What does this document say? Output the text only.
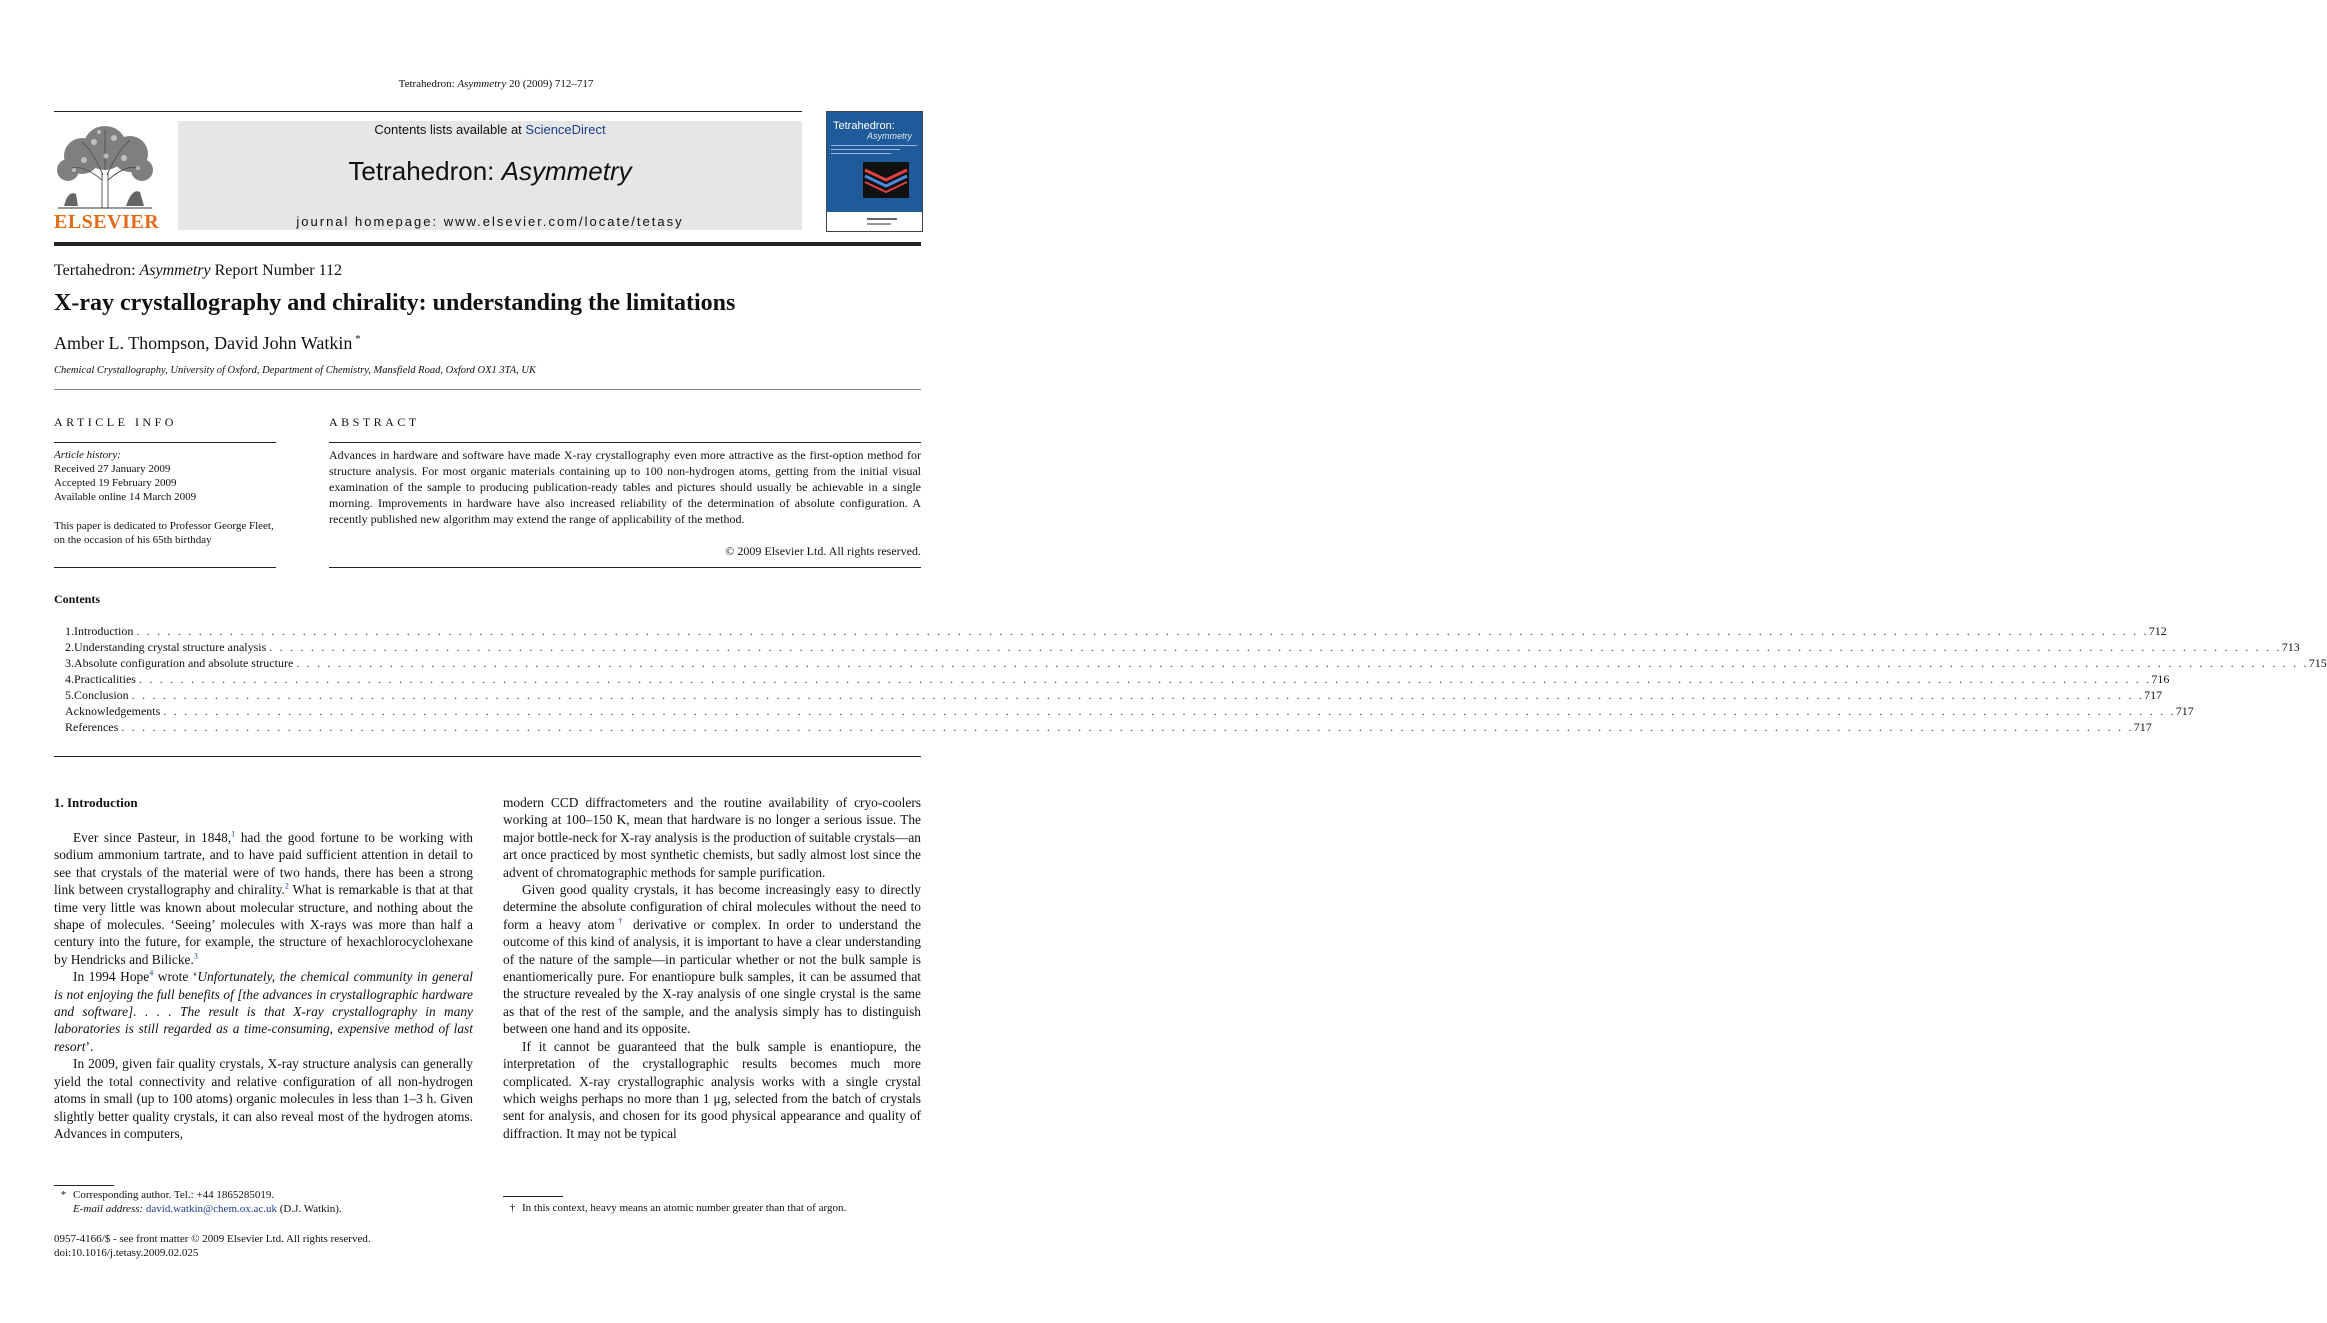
Tetrahedron: Asymmetry 20 (2009) 712–717
ELSEVIER
Contents lists available at ScienceDirect
Tetrahedron: Asymmetry
journal homepage: www.elsevier.com/locate/tetasy
Tetrahedron:
Asymmetry
Tertahedron: Asymmetry Report Number 112
X-ray crystallography and chirality: understanding the limitations
Amber L. Thompson, David John Watkin *
Chemical Crystallography, University of Oxford, Department of Chemistry, Mansfield Road, Oxford OX1 3TA, UK
ARTICLE INFO
Article history:
Received 27 January 2009
Accepted 19 February 2009
Available online 14 March 2009
This paper is dedicated to Professor George Fleet, on the occasion of his 65th birthday
ABSTRACT
Advances in hardware and software have made X-ray crystallography even more attractive as the first-option method for structure analysis. For most organic materials containing up to 100 non-hydrogen atoms, getting from the initial visual examination of the sample to producing publication-ready tables and pictures should usually be achievable in a single morning. Improvements in hardware have also increased reliability of the determination of absolute configuration. A recently published new algorithm may extend the range of applicability of the method.
© 2009 Elsevier Ltd. All rights reserved.
Contents
1. Introduction . . . . . . . . . . . . . . . . . . . . . . . . . . . . . . . . . . . . . . . . . . . . . . . . . . . . . . . . . . . . . . . . . . . . . . . . . . . . . . . . . . . . . . . . . . . . . . . . . . . . . . . . . . . . . . . . . . . . . . . . . . . . . . . . . . . . . . . . . . . . . . . . . . . . . . . . . . . . . . . . . . . . . . . . . . . . . . . . . . . . . . . . . . . . . . . . . . 712
2. Understanding crystal structure analysis . . . . . . . . . . . . . . . . . . . . . . . . . . . . . . . . . . . . . . . . . . . . . . . . . . . . . . . . . . . . . . . . . . . . . . . . . . . . . . . . . . . . . . . . . . . . . . . . . . . . . . . . . . . . . . . . . . . . . . . . . . . . . . . . . . . . . . . . . . . . . . . . . . . . . . . . . . . . . . . . . . . . . . . . . . . . . . . . . . . . . . . . . . . . . . . . . . 713
3. Absolute configuration and absolute structure . . . . . . . . . . . . . . . . . . . . . . . . . . . . . . . . . . . . . . . . . . . . . . . . . . . . . . . . . . . . . . . . . . . . . . . . . . . . . . . . . . . . . . . . . . . . . . . . . . . . . . . . . . . . . . . . . . . . . . . . . . . . . . . . . . . . . . . . . . . . . . . . . . . . . . . . . . . . . . . . . . . . . . . . . . . . . . . . . . . . . . . . . . . . . . . . . . 715
4. Practicalities . . . . . . . . . . . . . . . . . . . . . . . . . . . . . . . . . . . . . . . . . . . . . . . . . . . . . . . . . . . . . . . . . . . . . . . . . . . . . . . . . . . . . . . . . . . . . . . . . . . . . . . . . . . . . . . . . . . . . . . . . . . . . . . . . . . . . . . . . . . . . . . . . . . . . . . . . . . . . . . . . . . . . . . . . . . . . . . . . . . . . . . . . . . . . . . . . . 716
5. Conclusion . . . . . . . . . . . . . . . . . . . . . . . . . . . . . . . . . . . . . . . . . . . . . . . . . . . . . . . . . . . . . . . . . . . . . . . . . . . . . . . . . . . . . . . . . . . . . . . . . . . . . . . . . . . . . . . . . . . . . . . . . . . . . . . . . . . . . . . . . . . . . . . . . . . . . . . . . . . . . . . . . . . . . . . . . . . . . . . . . . . . . . . . . . . . . . . . . . 717
Acknowledgements . . . . . . . . . . . . . . . . . . . . . . . . . . . . . . . . . . . . . . . . . . . . . . . . . . . . . . . . . . . . . . . . . . . . . . . . . . . . . . . . . . . . . . . . . . . . . . . . . . . . . . . . . . . . . . . . . . . . . . . . . . . . . . . . . . . . . . . . . . . . . . . . . . . . . . . . . . . . . . . . . . . . . . . . . . . . . . . . . . . . . . . . . . . . . . . . . . 717
References . . . . . . . . . . . . . . . . . . . . . . . . . . . . . . . . . . . . . . . . . . . . . . . . . . . . . . . . . . . . . . . . . . . . . . . . . . . . . . . . . . . . . . . . . . . . . . . . . . . . . . . . . . . . . . . . . . . . . . . . . . . . . . . . . . . . . . . . . . . . . . . . . . . . . . . . . . . . . . . . . . . . . . . . . . . . . . . . . . . . . . . . . . . . . . . . . . 717
1. Introduction

Ever since Pasteur, in 1848,$^1$ had the good fortune to be working with sodium ammonium tartrate, and to have paid sufficient attention in detail to see that crystals of the material were of two hands, there has been a strong link between crystallography and chirality.$^2$ What is remarkable is that at that time very little was known about molecular structure, and nothing about the shape of molecules. ‘Seeing’ molecules with X-rays was more than half a century into the future, for example, the structure of hexachlorocyclohexane by Hendricks and Bilicke.$^3$

In 1994 Hope$^4$ wrote ‘Unfortunately, the chemical community in general is not enjoying the full benefits of [the advances in crystallographic hardware and software]. . . . The result is that X-ray crystallography in many laboratories is still regarded as a time-consuming, expensive method of last resort’.

In 2009, given fair quality crystals, X-ray structure analysis can generally yield the total connectivity and relative configuration of all non-hydrogen atoms in small (up to 100 atoms) organic molecules in less than 1–3 h. Given slightly better quality crystals, it can also reveal most of the hydrogen atoms. Advances in computers,

modern CCD diffractometers and the routine availability of cryo-coolers working at 100–150 K, mean that hardware is no longer a serious issue. The major bottle-neck for X-ray analysis is the production of suitable crystals—an art once practiced by most synthetic chemists, but sadly almost lost since the advent of chromatographic methods for sample purification.

Given good quality crystals, it has become increasingly easy to directly determine the absolute configuration of chiral molecules without the need to form a heavy atom† derivative or complex. In order to understand the outcome of this kind of analysis, it is important to have a clear understanding of the nature of the sample—in particular whether or not the bulk sample is enantiomerically pure. For enantiopure bulk samples, it can be assumed that the structure revealed by the X-ray analysis of one single crystal is the same as that of the rest of the sample, and the analysis simply has to distinguish between one hand and its opposite.

If it cannot be guaranteed that the bulk sample is enantiopure, the interpretation of the crystallographic results becomes much more complicated. X-ray crystallographic analysis works with a single crystal which weighs perhaps no more than 1 μg, selected from the batch of crystals sent for analysis, and chosen for its good physical appearance and quality of diffraction. It may not be typical

* Corresponding author. Tel.: +44 1865285019.
E-mail address: david.watkin@chem.ox.ac.uk (D.J. Watkin).
0957-4166/$ - see front matter © 2009 Elsevier Ltd. All rights reserved.
doi:10.1016/j.tetasy.2009.02.025
† In this context, heavy means an atomic number greater than that of argon.
